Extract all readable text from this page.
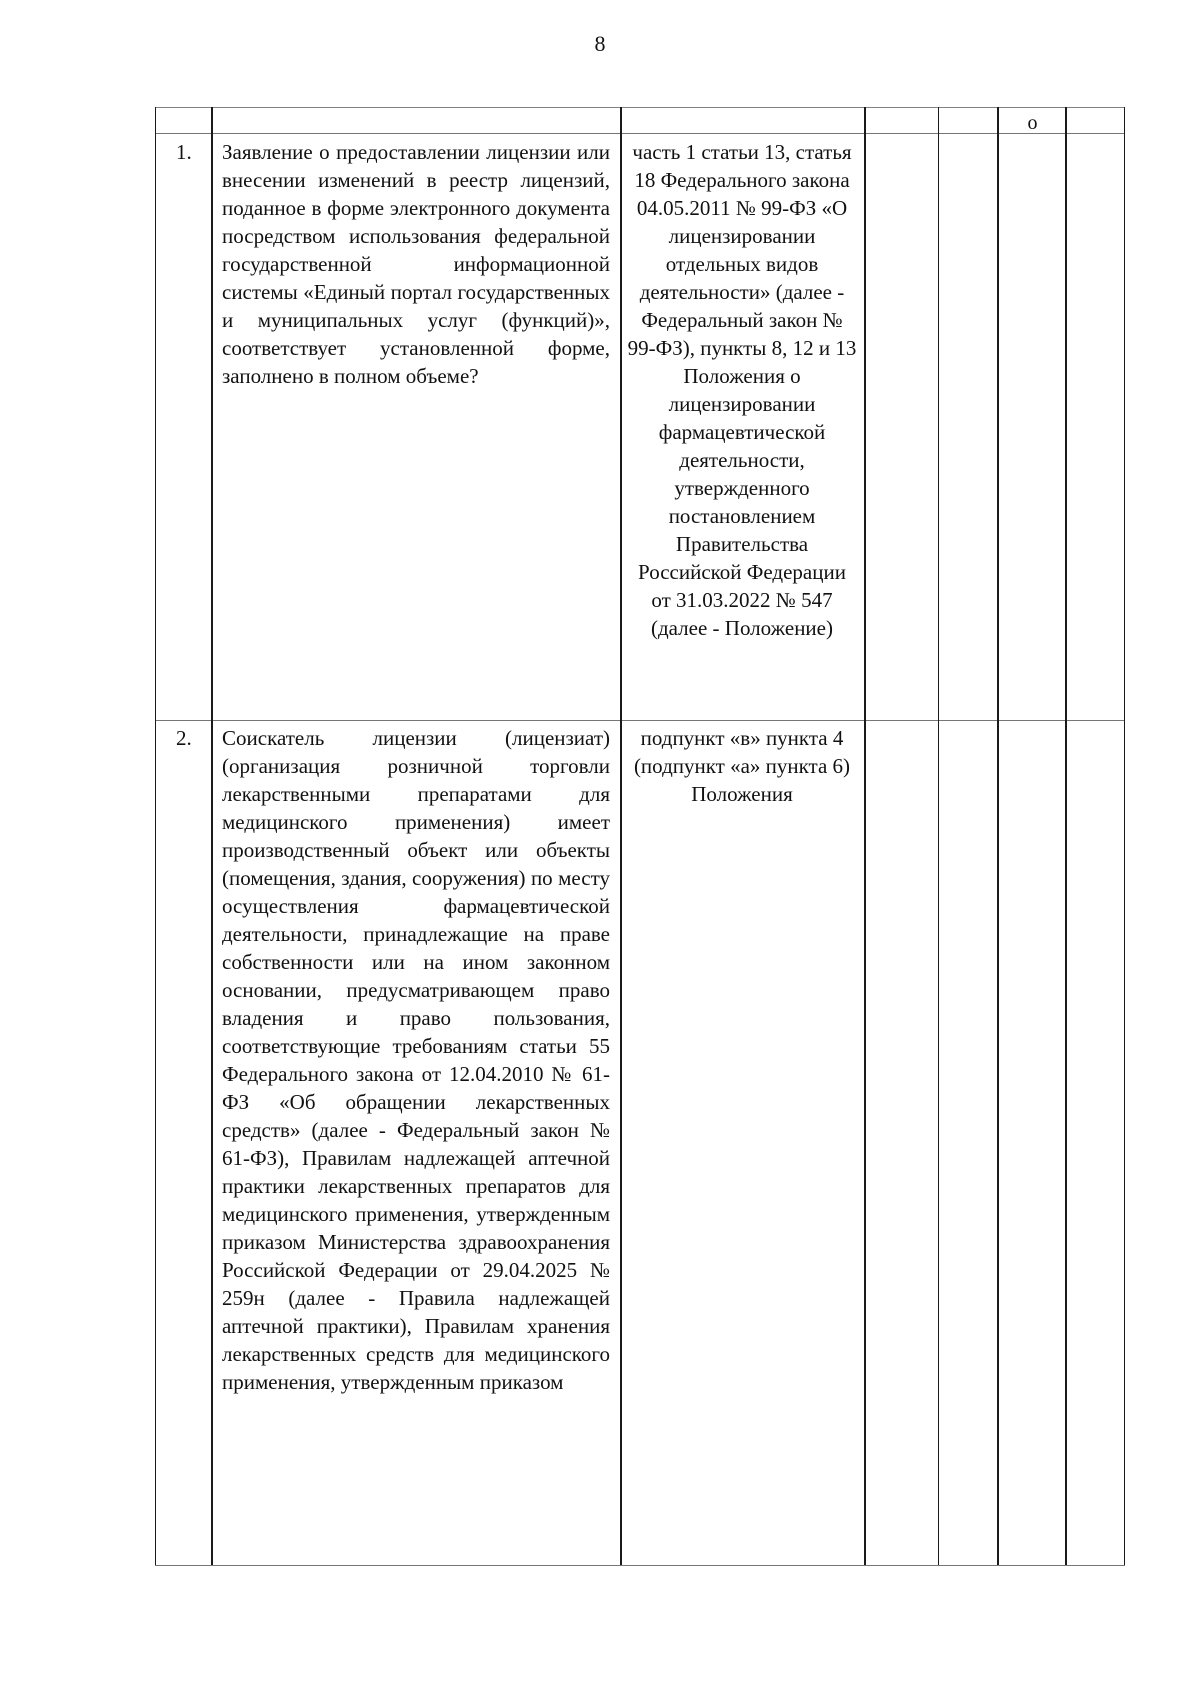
8
о
1.	Заявление о предоставлении лицензии или внесении изменений в реестр лицензий, поданное в форме электронного документа посредством использования федеральной государственной информационной системы «Единый портал государственных и муниципальных услуг (функций)», соответствует установленной форме, заполнено в полном объеме?

часть 1 статьи 13, статья 18 Федерального закона 04.05.2011 № 99-ФЗ «О лицензировании отдельных видов деятельности» (далее - Федеральный закон № 99-ФЗ), пункты 8, 12 и 13 Положения о лицензировании фармацевтической деятельности, утвержденного постановлением Правительства Российской Федерации от 31.03.2022 № 547 (далее - Положение)

2.	Соискатель лицензии (лицензиат) (организация розничной торговли лекарственными препаратами для медицинского применения) имеет производственный объект или объекты (помещения, здания, сооружения) по месту осуществления фармацевтической деятельности, принадлежащие на праве собственности или на ином законном основании, предусматривающем право владения и право пользования, соответствующие требованиям статьи 55 Федерального закона от 12.04.2010 № 61-ФЗ «Об обращении лекарственных средств» (далее - Федеральный закон № 61-ФЗ), Правилам надлежащей аптечной практики лекарственных препаратов для медицинского применения, утвержденным приказом Министерства здравоохранения Российской Федерации от 29.04.2025 № 259н (далее - Правила надлежащей аптечной практики), Правилам хранения лекарственных средств для медицинского применения, утвержденным приказом

подпункт «в» пункта 4 (подпункт «а» пункта 6) Положения
